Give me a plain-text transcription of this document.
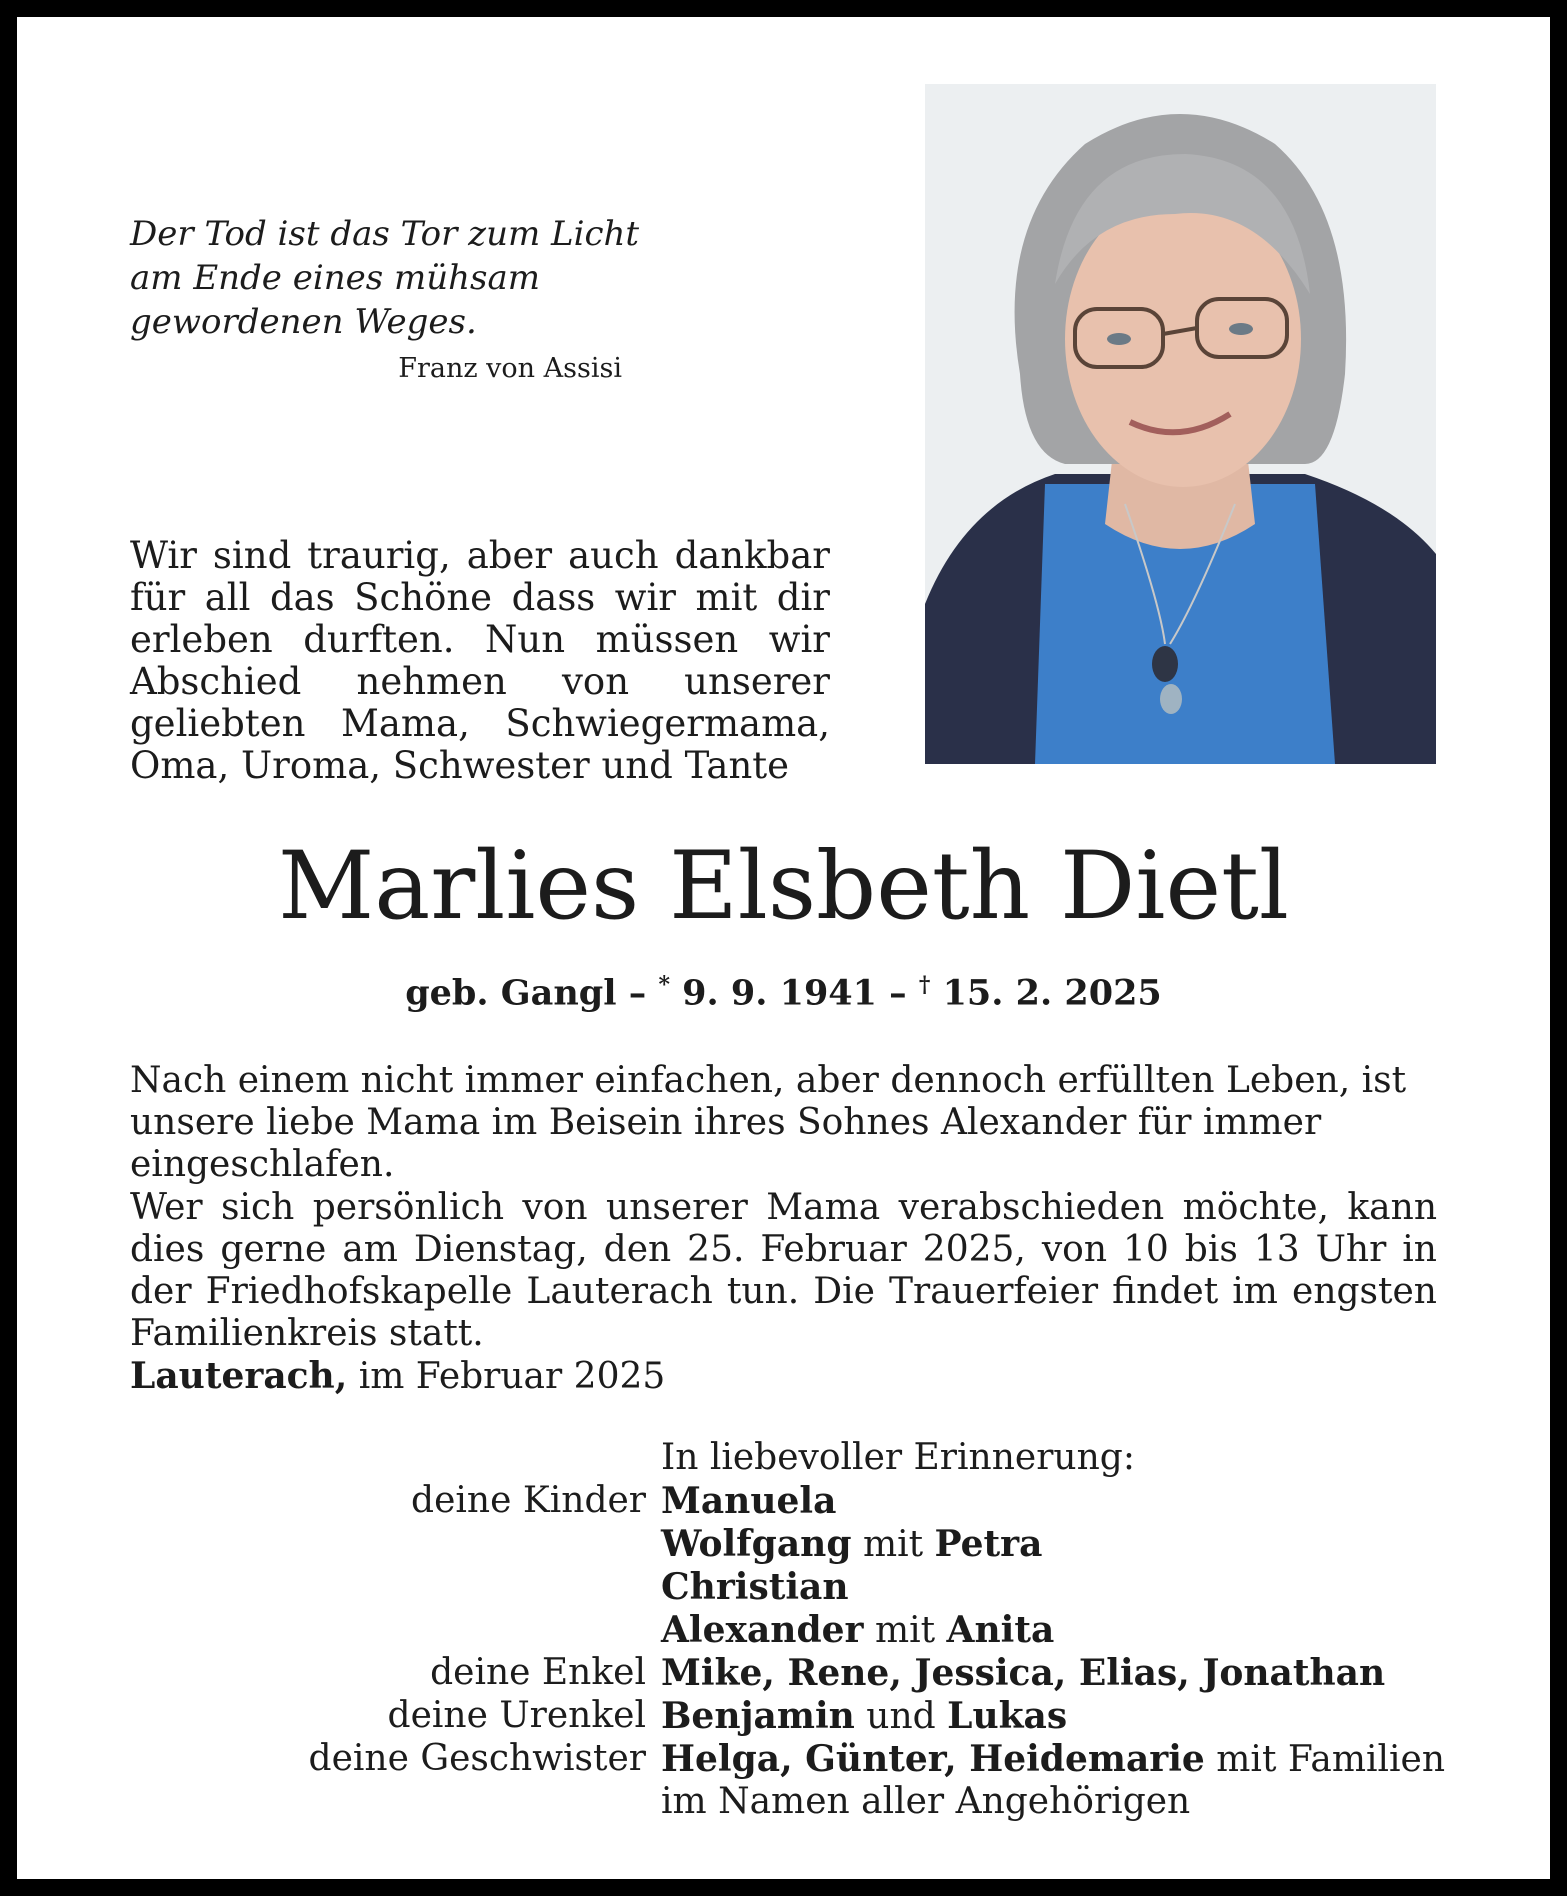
Der Tod ist das Tor zum Licht
am Ende eines mühsam
gewordenen Weges.
Franz von Assisi
Wir sind traurig, aber auch dankbar für all das Schöne dass wir mit dir erleben durften. Nun müssen wir Abschied nehmen von unserer geliebten Mama, Schwiegermama, Oma, Uroma, Schwester und Tante
Marlies Elsbeth Dietl
geb. Gangl – * 9. 9. 1941 – † 15. 2. 2025
Nach einem nicht immer einfachen, aber dennoch erfüllten Leben, ist unsere liebe Mama im Beisein ihres Sohnes Alexander für immer eingeschlafen.
Wer sich persönlich von unserer Mama verabschieden möchte, kann dies gerne am Dienstag, den 25. Februar 2025, von 10 bis 13 Uhr in der Friedhofskapelle Lauterach tun. Die Trauerfeier findet im engsten Familienkreis statt.
Lauterach, im Februar 2025
In liebevoller Erinnerung:
deine Kinder Manuela
Wolfgang mit Petra
Christian
Alexander mit Anita
deine Enkel Mike, Rene, Jessica, Elias, Jonathan
deine Urenkel Benjamin und Lukas
deine Geschwister Helga, Günter, Heidemarie mit Familien
im Namen aller Angehörigen
